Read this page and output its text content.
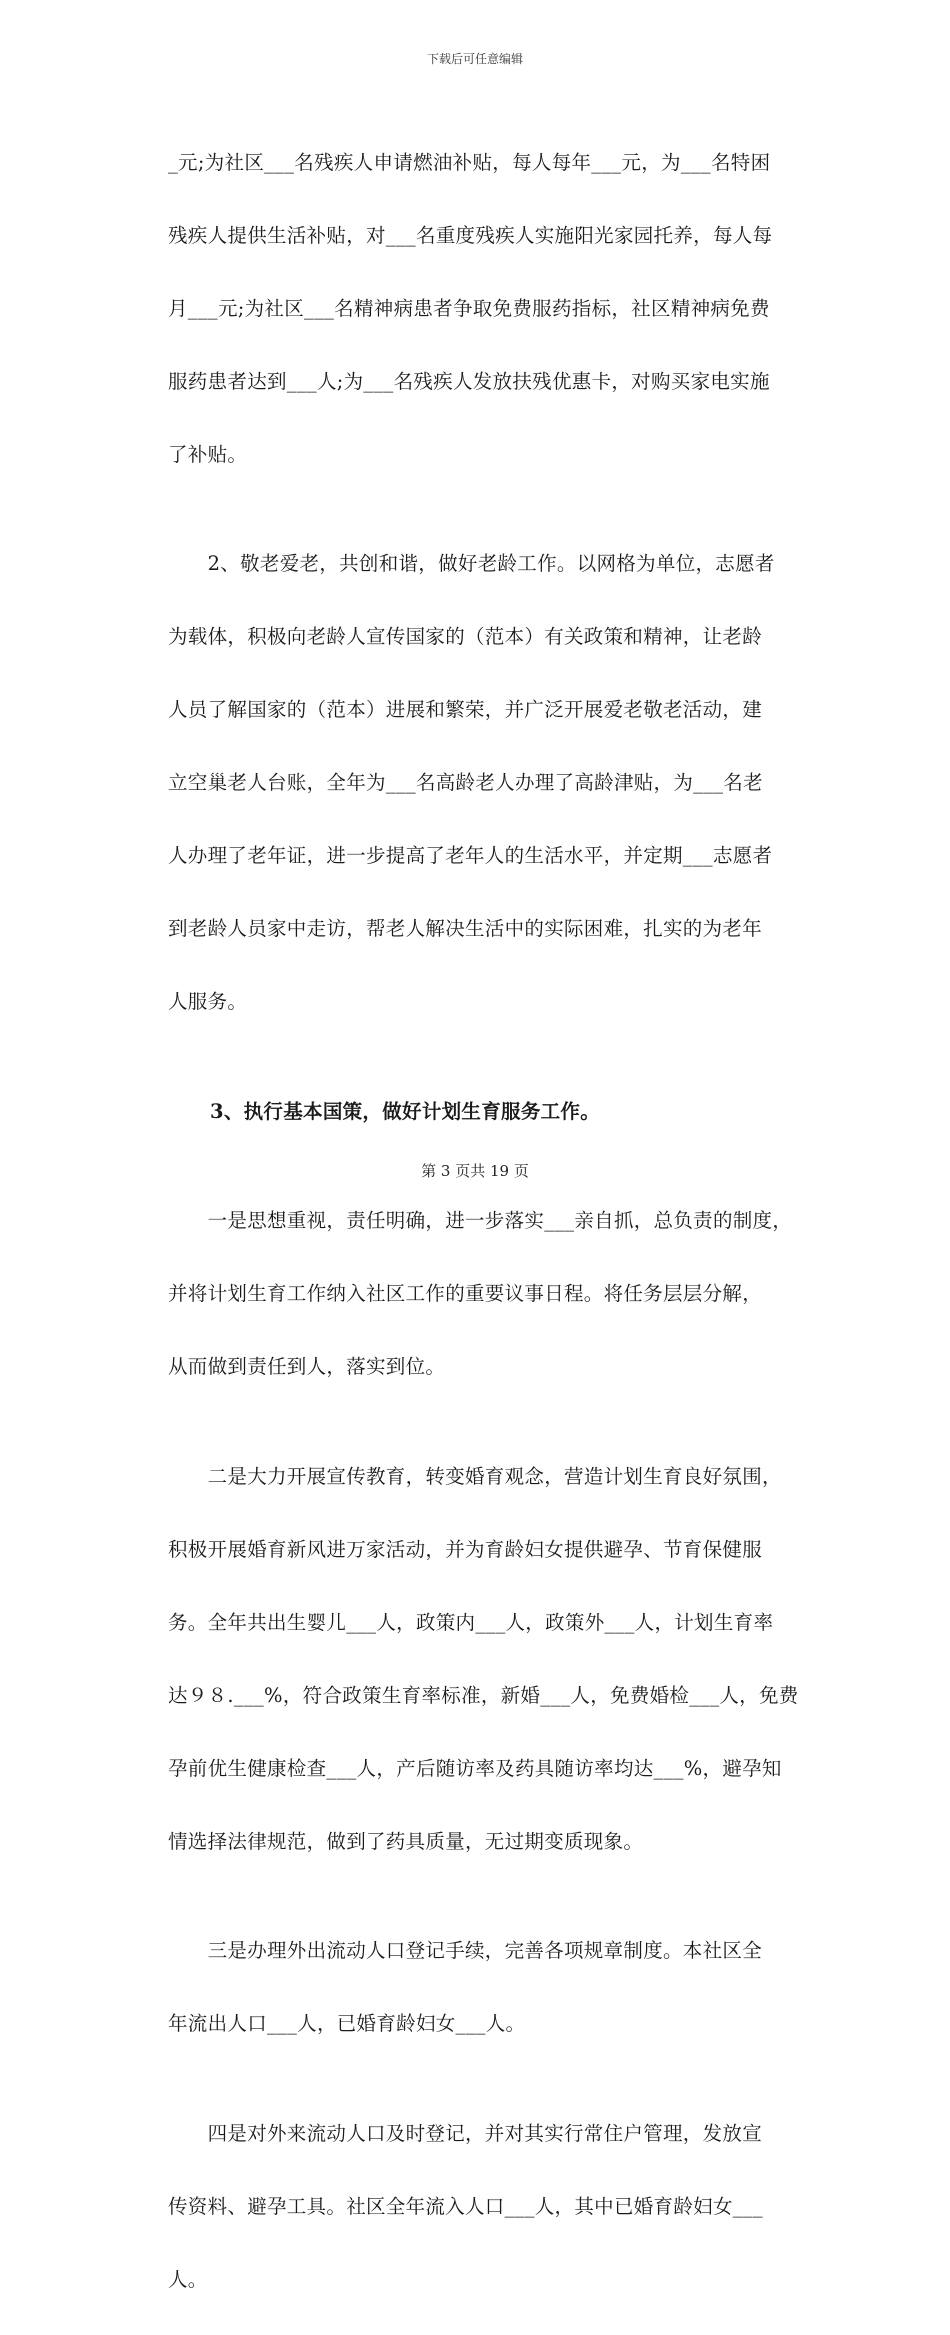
下载后可任意编辑

_元;为社区___名残疾人申请燃油补贴，每人每年___元，为___名特困

残疾人提供生活补贴，对___名重度残疾人实施阳光家园托养，每人每

月___元;为社区___名精神病患者争取免费服药指标，社区精神病免费

服药患者达到___人;为___名残疾人发放扶残优惠卡，对购买家电实施

了补贴。

　　2、敬老爱老，共创和谐，做好老龄工作。以网格为单位，志愿者

为载体，积极向老龄人宣传国家的（范本）有关政策和精神，让老龄

人员了解国家的（范本）进展和繁荣，并广泛开展爱老敬老活动，建

立空巢老人台账，全年为___名高龄老人办理了高龄津贴，为___名老

人办理了老年证，进一步提高了老年人的生活水平，并定期___志愿者

到老龄人员家中走访，帮老人解决生活中的实际困难，扎实的为老年

人服务。

　　3、执行基本国策，做好计划生育服务工作。

　　一是思想重视，责任明确，进一步落实___亲自抓，总负责的制度，

并将计划生育工作纳入社区工作的重要议事日程。将任务层层分解，

从而做到责任到人，落实到位。

　　二是大力开展宣传教育，转变婚育观念，营造计划生育良好氛围，

积极开展婚育新风进万家活动，并为育龄妇女提供避孕、节育保健服

务。全年共出生婴儿___人，政策内___人，政策外___人，计划生育率

达９８.___%，符合政策生育率标准，新婚___人，免费婚检___人，免费

孕前优生健康检查___人，产后随访率及药具随访率均达___%，避孕知

情选择法律规范，做到了药具质量，无过期变质现象。

　　三是办理外出流动人口登记手续，完善各项规章制度。本社区全

年流出人口___人，已婚育龄妇女___人。

　　四是对外来流动人口及时登记，并对其实行常住户管理，发放宣

传资料、避孕工具。社区全年流入人口___人，其中已婚育龄妇女___

人。

第 3 页共 19 页
